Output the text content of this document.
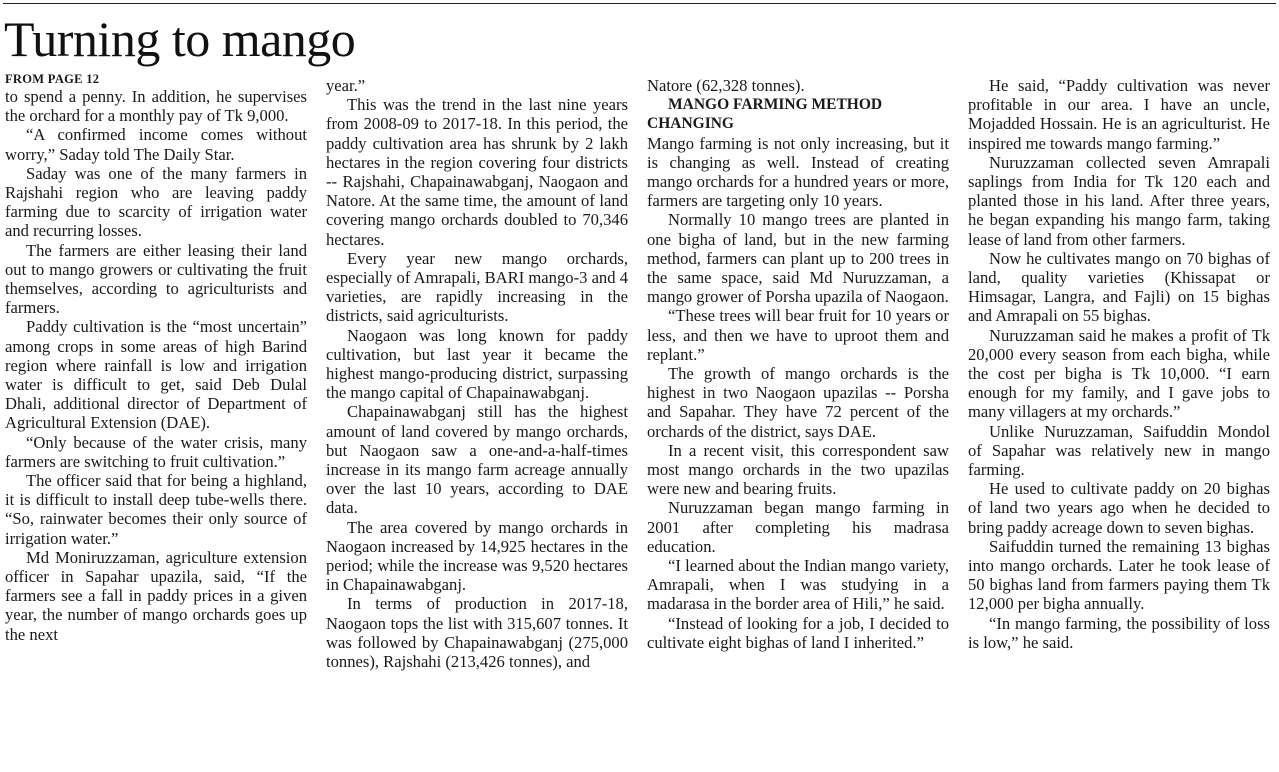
Turning to mango
FROM PAGE 12

to spend a penny. In addition, he supervises the orchard for a monthly pay of Tk 9,000.

“A confirmed income comes without worry,” Saday told The Daily Star.

Saday was one of the many farmers in Rajshahi region who are leaving paddy farming due to scarcity of irrigation water and recurring losses.

The farmers are either leasing their land out to mango growers or cultivating the fruit themselves, according to agriculturists and farmers.

Paddy cultivation is the “most uncertain” among crops in some areas of high Barind region where rainfall is low and irrigation water is difficult to get, said Deb Dulal Dhali, additional director of Department of Agricultural Extension (DAE).

“Only because of the water crisis, many farmers are switching to fruit cultivation.”

The officer said that for being a highland, it is difficult to install deep tube-wells there. “So, rainwater becomes their only source of irrigation water.”

Md Moniruzzaman, agriculture extension officer in Sapahar upazila, said, “If the farmers see a fall in paddy prices in a given year, the number of mango orchards goes up the next

year.”

This was the trend in the last nine years from 2008-09 to 2017-18. In this period, the paddy cultivation area has shrunk by 2 lakh hectares in the region covering four districts -- Rajshahi, Chapainawabganj, Naogaon and Natore. At the same time, the amount of land covering mango orchards doubled to 70,346 hectares.

Every year new mango orchards, especially of Amrapali, BARI mango-3 and 4 varieties, are rapidly increasing in the districts, said agriculturists.

Naogaon was long known for paddy cultivation, but last year it became the highest mango-producing district, surpassing the mango capital of Chapainawabganj.

Chapainawabganj still has the highest amount of land covered by mango orchards, but Naogaon saw a one-and-a-half-times increase in its mango farm acreage annually over the last 10 years, according to DAE data.

The area covered by mango orchards in Naogaon increased by 14,925 hectares in the period; while the increase was 9,520 hectares in Chapainawabganj.

In terms of production in 2017-18, Naogaon tops the list with 315,607 tonnes. It was followed by Chapainawabganj (275,000 tonnes), Rajshahi (213,426 tonnes), and

Natore (62,328 tonnes).

MANGO FARMING METHOD CHANGING

Mango farming is not only increasing, but it is changing as well. Instead of creating mango orchards for a hundred years or more, farmers are targeting only 10 years.

Normally 10 mango trees are planted in one bigha of land, but in the new farming method, farmers can plant up to 200 trees in the same space, said Md Nuruzzaman, a mango grower of Porsha upazila of Naogaon.

“These trees will bear fruit for 10 years or less, and then we have to uproot them and replant.”

The growth of mango orchards is the highest in two Naogaon upazilas -- Porsha and Sapahar. They have 72 percent of the orchards of the district, says DAE.

In a recent visit, this correspondent saw most mango orchards in the two upazilas were new and bearing fruits.

Nuruzzaman began mango farming in 2001 after completing his madrasa education.

“I learned about the Indian mango variety, Amrapali, when I was studying in a madarasa in the border area of Hili,” he said.

“Instead of looking for a job, I decided to cultivate eight bighas of land I inherited.”

He said, “Paddy cultivation was never profitable in our area. I have an uncle, Mojadded Hossain. He is an agriculturist. He inspired me towards mango farming.”

Nuruzzaman collected seven Amrapali saplings from India for Tk 120 each and planted those in his land. After three years, he began expanding his mango farm, taking lease of land from other farmers.

Now he cultivates mango on 70 bighas of land, quality varieties (Khissapat or Himsagar, Langra, and Fajli) on 15 bighas and Amrapali on 55 bighas.

Nuruzzaman said he makes a profit of Tk 20,000 every season from each bigha, while the cost per bigha is Tk 10,000. “I earn enough for my family, and I gave jobs to many villagers at my orchards.”

Unlike Nuruzzaman, Saifuddin Mondol of Sapahar was relatively new in mango farming.

He used to cultivate paddy on 20 bighas of land two years ago when he decided to bring paddy acreage down to seven bighas.

Saifuddin turned the remaining 13 bighas into mango orchards. Later he took lease of 50 bighas land from farmers paying them Tk 12,000 per bigha annually.

“In mango farming, the possibility of loss is low,” he said.
